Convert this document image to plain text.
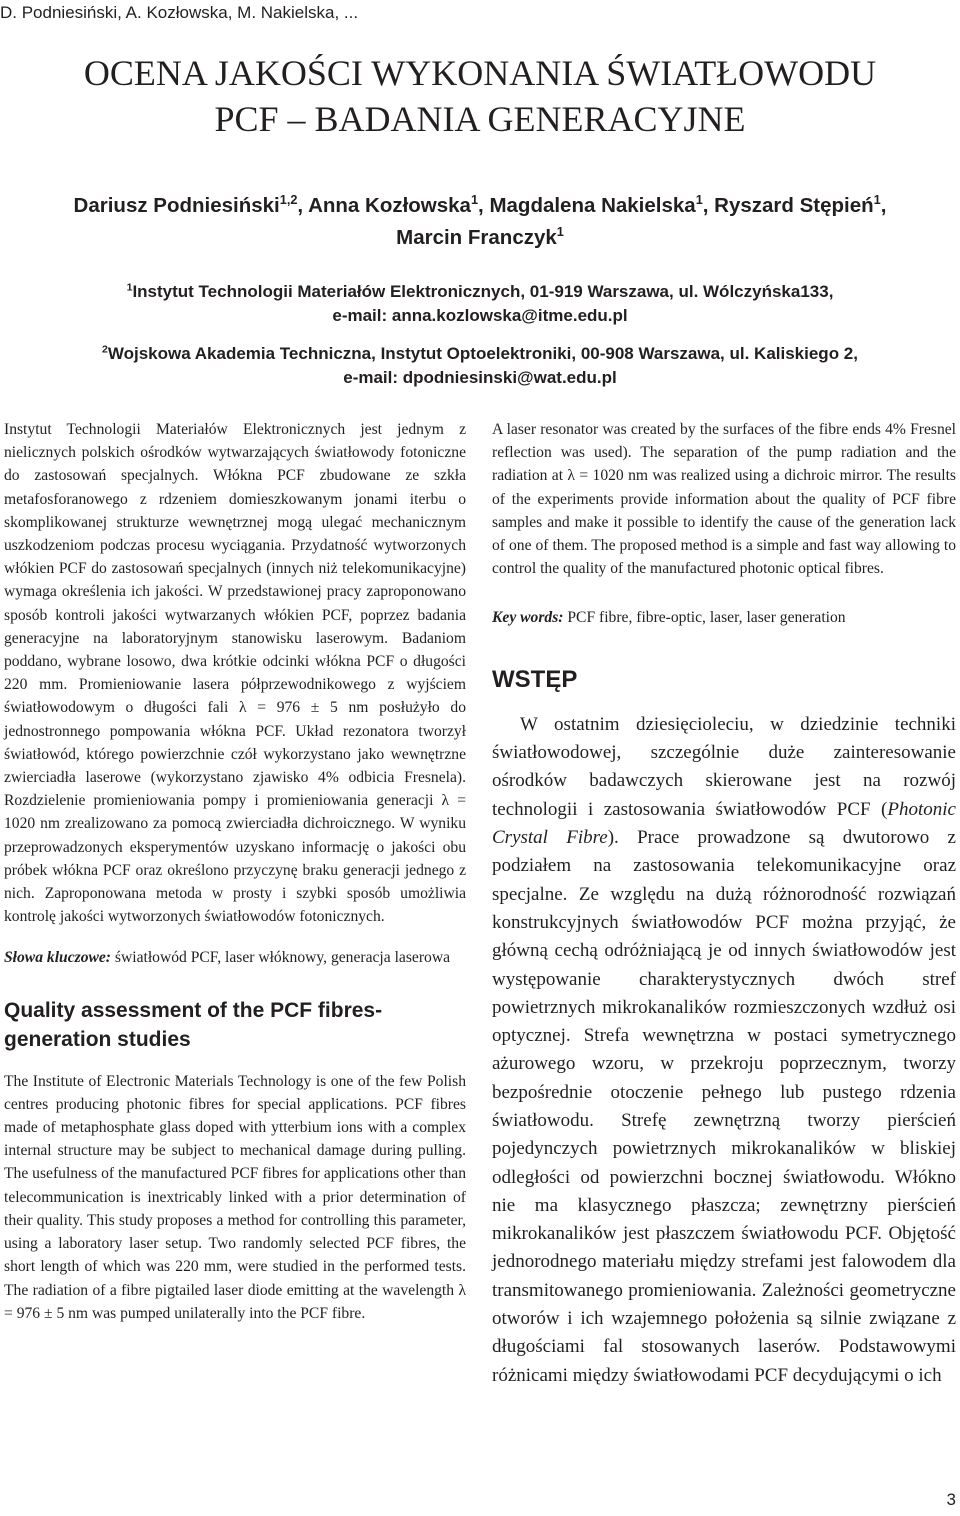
D. Podniesiński, A. Kozłowska, M. Nakielska, ...
OCENA JAKOŚCI WYKONANIA ŚWIATŁOWODU
PCF – BADANIA GENERACYJNE
Dariusz Podniesiński$^{1,2}$, Anna Kozłowska$^1$, Magdalena Nakielska$^1$, Ryszard Stępień$^1$,
Marcin Franczyk$^1$
$^1$Instytut Technologii Materiałów Elektronicznych, 01-919 Warszawa, ul. Wólczyńska133,
e-mail: anna.kozlowska@itme.edu.pl
$^2$Wojskowa Akademia Techniczna, Instytut Optoelektroniki, 00-908 Warszawa, ul. Kaliskiego 2,
e-mail: dpodniesinski@wat.edu.pl

Instytut Technologii Materiałów Elektronicznych jest jednym z nielicznych polskich ośrodków wytwarzających światłowody fotoniczne do zastosowań specjalnych. Włókna PCF zbudowane ze szkła metafosforanowego z rdzeniem domieszkowanym jonami iterbu o skomplikowanej strukturze wewnętrznej mogą ulegać mechanicznym uszkodzeniom podczas procesu wyciągania. Przydatność wytworzonych włókien PCF do zastosowań specjalnych (innych niż telekomunikacyjne) wymaga określenia ich jakości. W przedstawionej pracy zaproponowano sposób kontroli jakości wytwarzanych włókien PCF, poprzez badania generacyjne na laboratoryjnym stanowisku laserowym. Badaniom poddano, wybrane losowo, dwa krótkie odcinki włókna PCF o długości 220 mm. Promieniowanie lasera półprzewodnikowego z wyjściem światłowodowym o długości fali λ = 976 ± 5 nm posłużyło do jednostronnego pompowania włókna PCF. Układ rezonatora tworzył światłowód, którego powierzchnie czół wykorzystano jako wewnętrzne zwierciadła laserowe (wykorzystano zjawisko 4% odbicia Fresnela). Rozdzielenie promieniowania pompy i promieniowania generacji λ = 1020 nm zrealizowano za pomocą zwierciadła dichroicznego. W wyniku przeprowadzonych eksperymentów uzyskano informację o jakości obu próbek włókna PCF oraz określono przyczynę braku generacji jednego z nich. Zaproponowana metoda w prosty i szybki sposób umożliwia kontrolę jakości wytworzonych światłowodów fotonicznych.

Słowa kluczowe: światłowód PCF, laser włóknowy, generacja laserowa

Quality assessment of the PCF fibres-generation studies

The Institute of Electronic Materials Technology is one of the few Polish centres producing photonic fibres for special applications. PCF fibres made of metaphosphate glass doped with ytterbium ions with a complex internal structure may be subject to mechanical damage during pulling. The usefulness of the manufactured PCF fibres for applications other than telecommunication is inextricably linked with a prior determination of their quality. This study proposes a method for controlling this parameter, using a laboratory laser setup. Two randomly selected PCF fibres, the short length of which was 220 mm, were studied in the performed tests. The radiation of a fibre pigtailed laser diode emitting at the wavelength λ = 976 ± 5 nm was pumped unilaterally into the PCF fibre.

A laser resonator was created by the surfaces of the fibre ends 4% Fresnel reflection was used). The separation of the pump radiation and the radiation at λ = 1020 nm was realized using a dichroic mirror. The results of the experiments provide information about the quality of PCF fibre samples and make it possible to identify the cause of the generation lack of one of them. The proposed method is a simple and fast way allowing to control the quality of the manufactured photonic optical fibres.

Key words: PCF fibre, fibre-optic, laser, laser generation

WSTĘP

W ostatnim dziesięcioleciu, w dziedzinie techniki światłowodowej, szczególnie duże zainteresowanie ośrodków badawczych skierowane jest na rozwój technologii i zastosowania światłowodów PCF (Photonic Crystal Fibre). Prace prowadzone są dwutorowo z podziałem na zastosowania telekomunikacyjne oraz specjalne. Ze względu na dużą różnorodność rozwiązań konstrukcyjnych światłowodów PCF można przyjąć, że główną cechą odróżniającą je od innych światłowodów jest występowanie charakterystycznych dwóch stref powietrznych mikrokanalików rozmieszczonych wzdłuż osi optycznej. Strefa wewnętrzna w postaci symetrycznego ażurowego wzoru, w przekroju poprzecznym, tworzy bezpośrednie otoczenie pełnego lub pustego rdzenia światłowodu. Strefę zewnętrzną tworzy pierścień pojedynczych powietrznych mikrokanalików w bliskiej odległości od powierzchni bocznej światłowodu. Włókno nie ma klasycznego płaszcza; zewnętrzny pierścień mikrokanalików jest płaszczem światłowodu PCF. Objętość jednorodnego materiału między strefami jest falowodem dla transmitowanego promieniowania. Zależności geometryczne otworów i ich wzajemnego położenia są silnie związane z długościami fal stosowanych laserów. Podstawowymi różnicami między światłowodami PCF decydującymi o ich

3
